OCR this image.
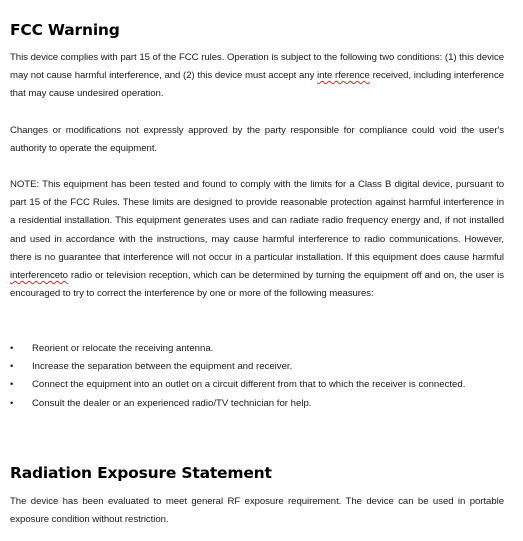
FCC Warning

This device complies with part 15 of the FCC rules. Operation is subject to the following two conditions: (1) this device may not cause harmful interference, and (2) this device must accept any inte rference received, including interference that may cause undesired operation.

Changes or modifications not expressly approved by the party responsible for compliance could void the user's authority to operate the equipment.

NOTE: This equipment has been tested and found to comply with the limits for a Class B digital device, pursuant to part 15 of the FCC Rules. These limits are designed to provide reasonable protection against harmful interference in a residential installation. This equipment generates uses and can radiate radio frequency energy and, if not installed and used in accordance with the instructions, may cause harmful interference to radio communications. However, there is no guarantee that interference will not occur in a particular installation. If this equipment does cause harmful interferenceto radio or television reception, which can be determined by turning the equipment off and on, the user is encouraged to try to correct the interference by one or more of the following measures:

• Reorient or relocate the receiving antenna.
• Increase the separation between the equipment and receiver.
• Connect the equipment into an outlet on a circuit different from that to which the receiver is connected.
• Consult the dealer or an experienced radio/TV technician for help.
Radiation Exposure Statement

The device has been evaluated to meet general RF exposure requirement. The device can be used in portable exposure condition without restriction.
